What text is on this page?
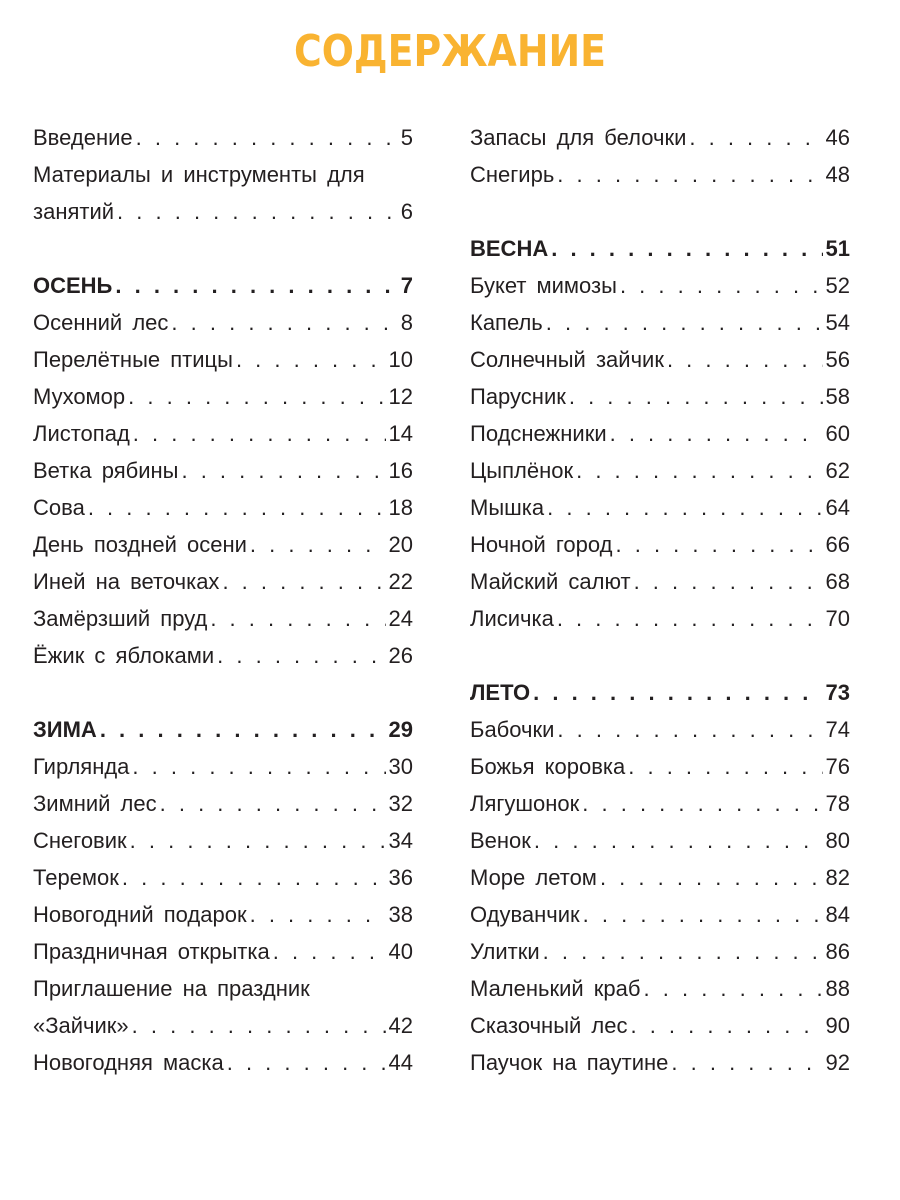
СОДЕРЖАНИЕ
Введение . . .	5
Материалы и инструменты для
занятий . . .	6
ОСЕНЬ . . .	7
Осенний лес . . .	8
Перелётные птицы . . .	10
Мухомор . . .	12
Листопад . . .	14
Ветка рябины . . .	16
Сова . . .	18
День поздней осени . . .	20
Иней на веточках . . .	22
Замёрзший пруд . . .	24
Ёжик с яблоками . . .	26
ЗИМА . . .	29
Гирлянда . . .	30
Зимний лес . . .	32
Снеговик . . .	34
Теремок . . .	36
Новогодний подарок . . .	38
Праздничная открытка . . .	40
Приглашение на праздник
«Зайчик» . . .	42
Новогодняя маска . . .	44
Запасы для белочки . . .	46
Снегирь . . .	48
ВЕСНА . . .	51
Букет мимозы . . .	52
Капель . . .	54
Солнечный зайчик . . .	56
Парусник . . .	58
Подснежники . . .	60
Цыплёнок . . .	62
Мышка . . .	64
Ночной город . . .	66
Майский салют . . .	68
Лисичка . . .	70
ЛЕТО . . .	73
Бабочки . . .	74
Божья коровка . . .	76
Лягушонок . . .	78
Венок . . .	80
Море летом . . .	82
Одуванчик . . .	84
Улитки . . .	86
Маленький краб . . .	88
Сказочный лес . . .	90
Паучок на паутине . . .	92
